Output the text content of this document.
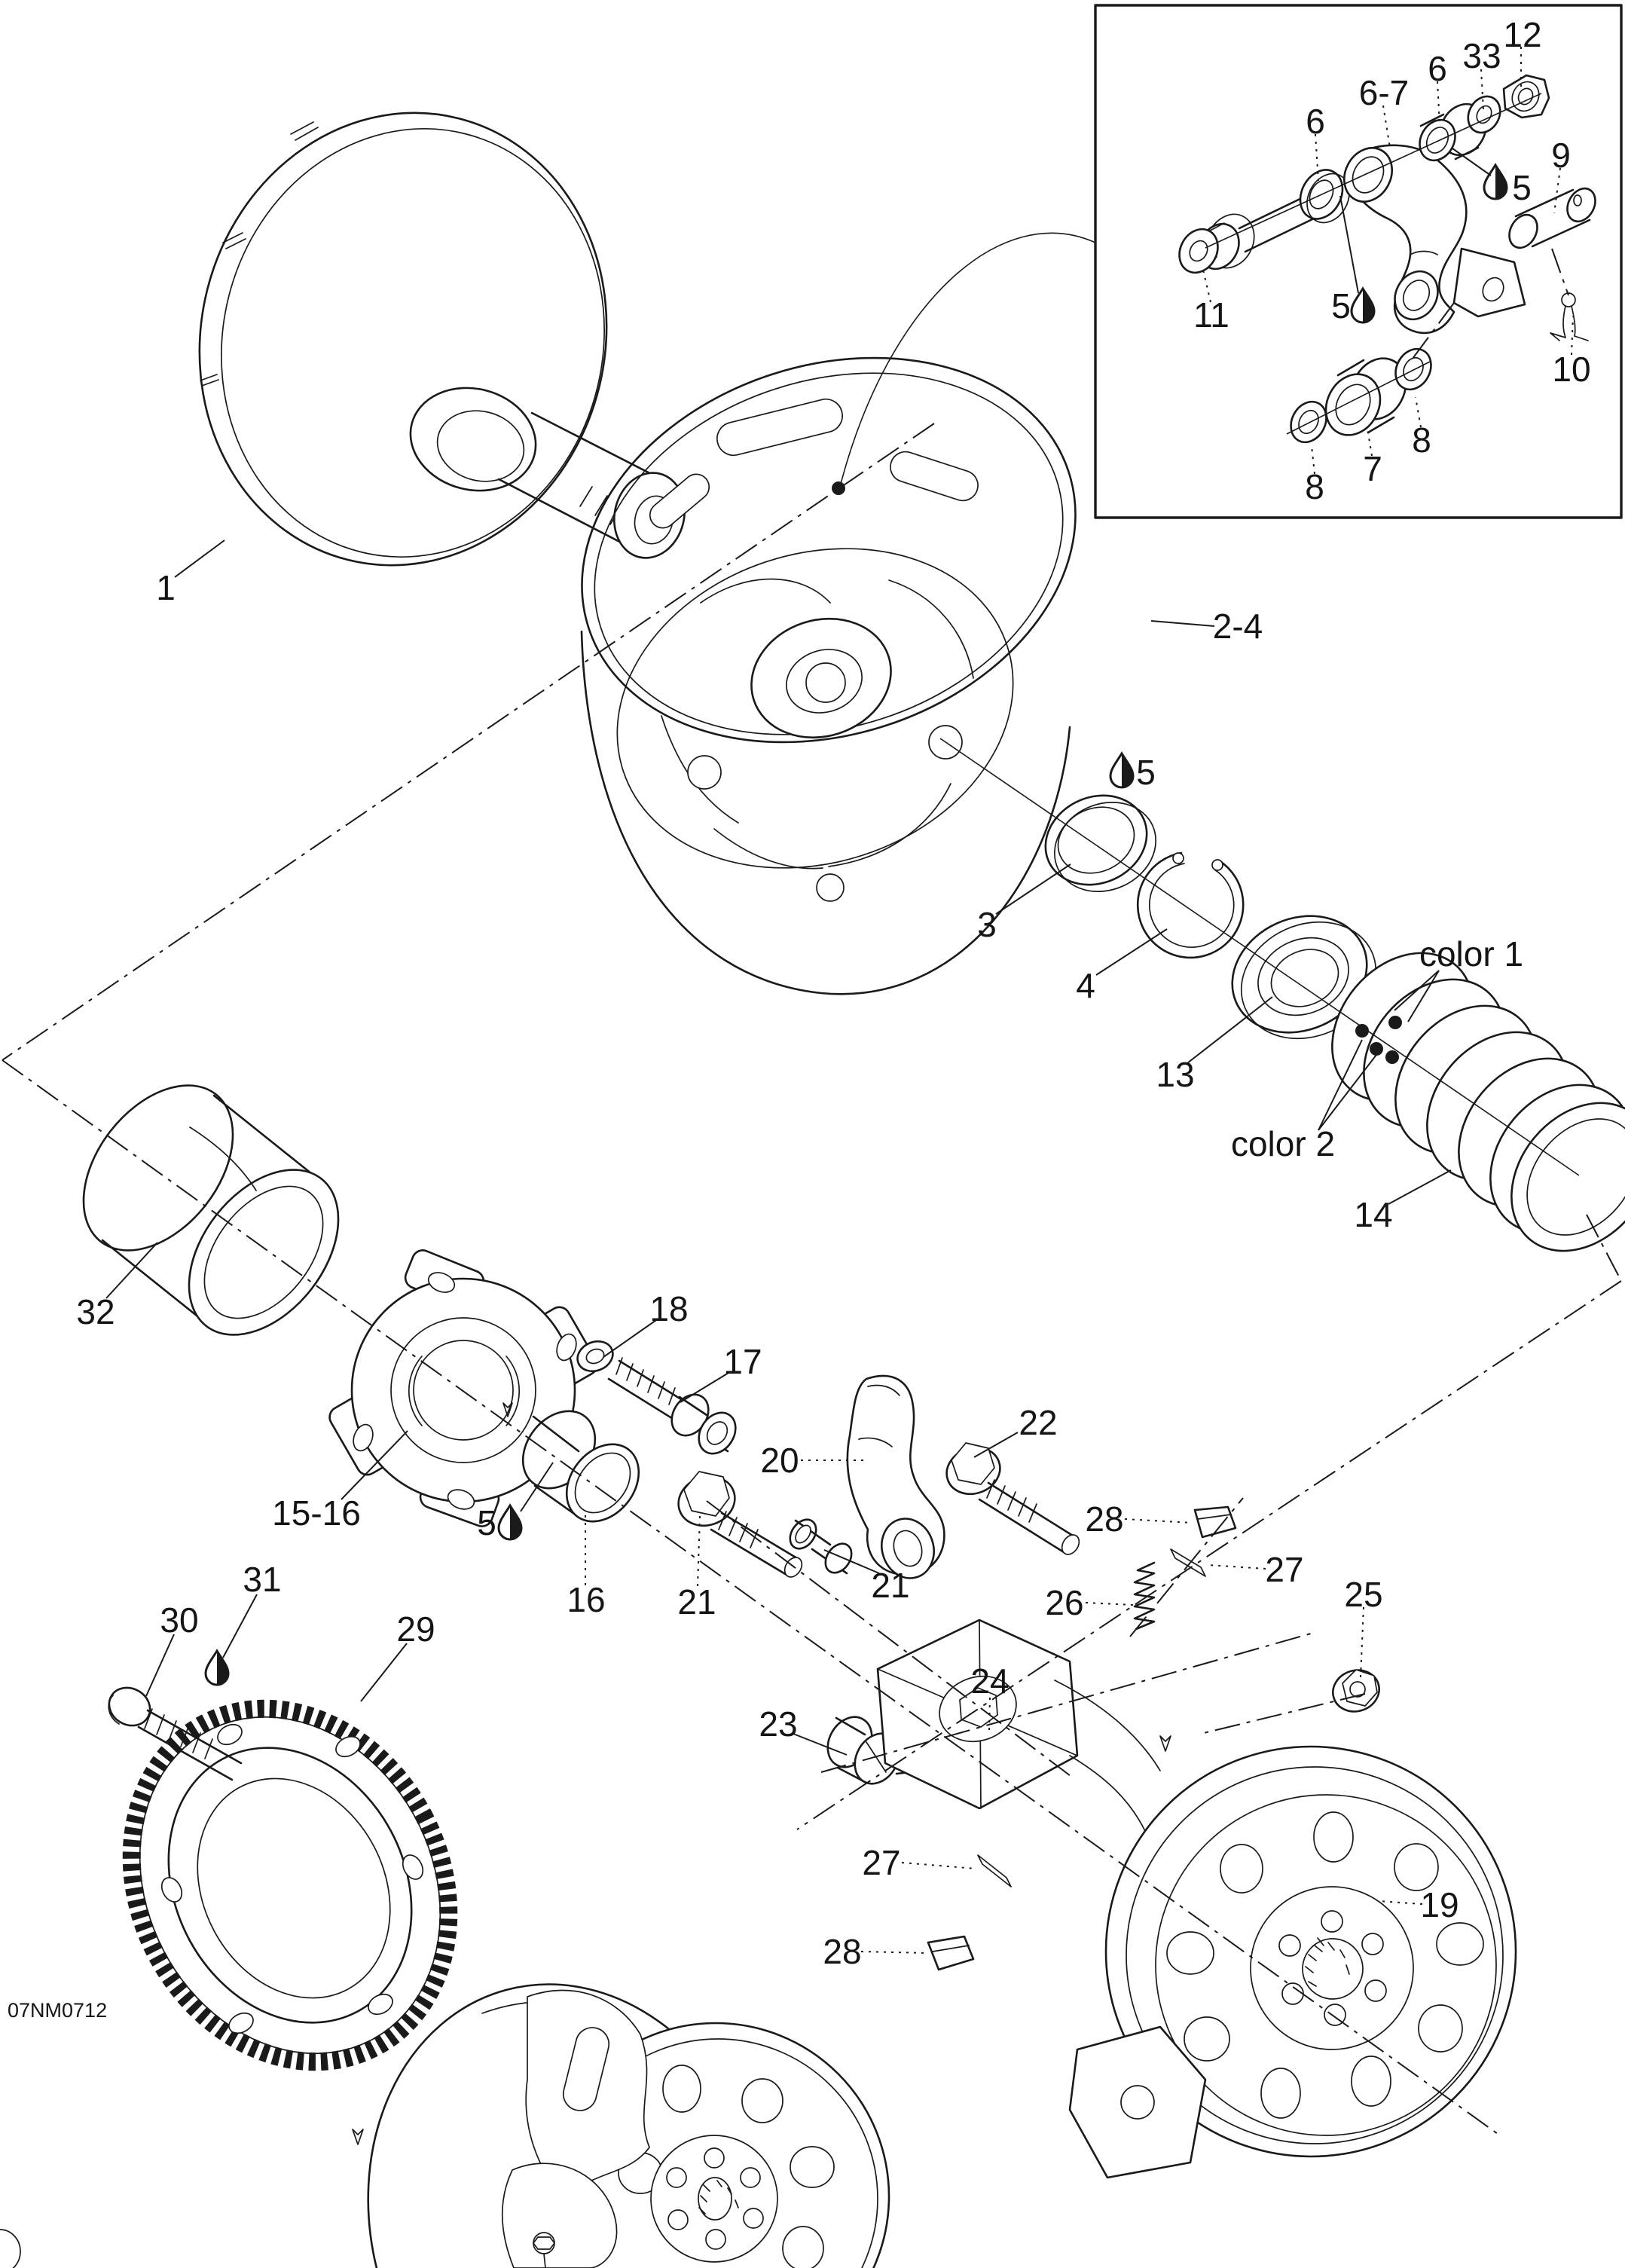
07NM0712
1
2-4
3
4
13
14
color 1
color 2
32	18
17
15-16	5
16
20
22
21	21
24
23
26
27
28
25
19
27
28
29
30
31
5
11
12
33
6
6-7
6
9
5
5
10
8 7
8
